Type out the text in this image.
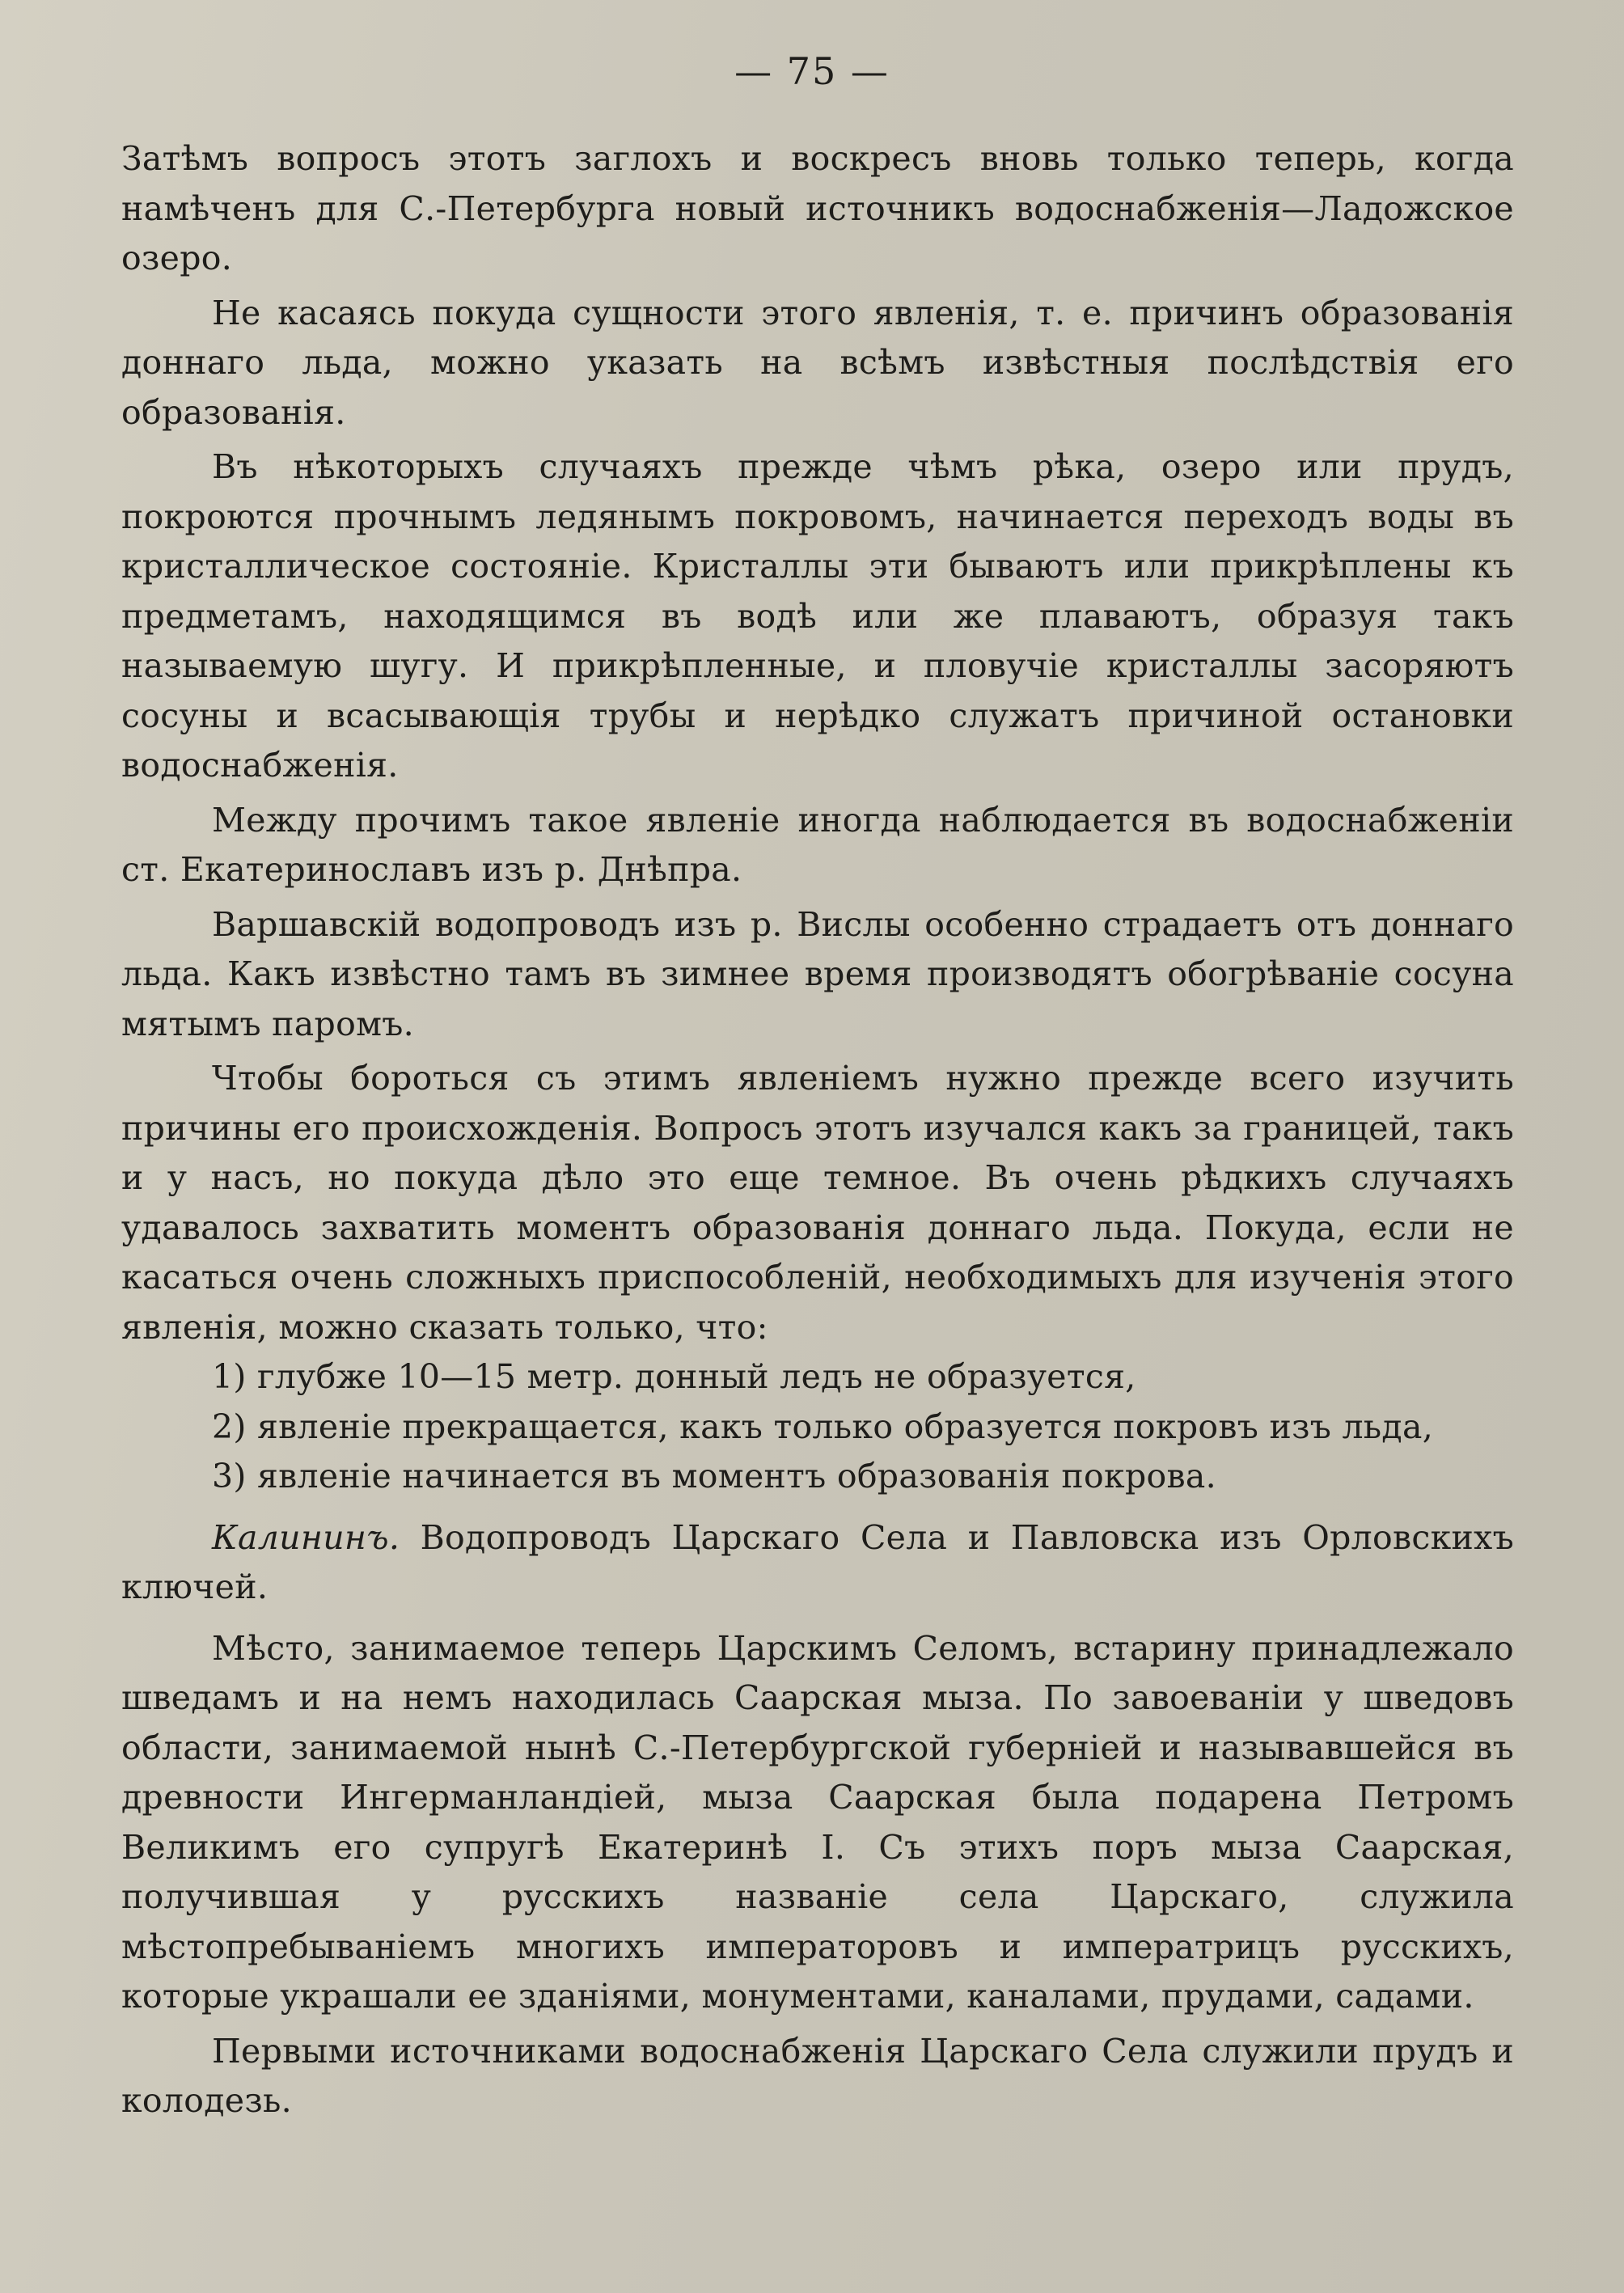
— 75 —

Затѣмъ вопросъ этотъ заглохъ и воскресъ вновь только теперь, когда намѣченъ для С.-Петербурга новый источникъ водоснабженія—Ладожское озеро.

Не касаясь покуда сущности этого явленія, т. е. причинъ образованія доннаго льда, можно указать на всѣмъ извѣстныя послѣдствія его образованія.

Въ нѣкоторыхъ случаяхъ прежде чѣмъ рѣка, озеро или прудъ, покроются прочнымъ ледянымъ покровомъ, начинается переходъ воды въ кристаллическое состояніе. Кристаллы эти бываютъ или прикрѣплены къ предметамъ, находящимся въ водѣ или же плаваютъ, образуя такъ называемую шугу. И прикрѣпленные, и пловучіе кристаллы засоряютъ сосуны и всасывающія трубы и нерѣдко служатъ причиной остановки водоснабженія.

Между прочимъ такое явленіе иногда наблюдается въ водоснабженіи ст. Екатеринославъ изъ р. Днѣпра.

Варшавскій водопроводъ изъ р. Вислы особенно страдаетъ отъ доннаго льда. Какъ извѣстно тамъ въ зимнее время производятъ обогрѣваніе сосуна мятымъ паромъ.

Чтобы бороться съ этимъ явленіемъ нужно прежде всего изучить причины его происхожденія. Вопросъ этотъ изучался какъ за границей, такъ и у насъ, но покуда дѣло это еще темное. Въ очень рѣдкихъ случаяхъ удавалось захватить моментъ образованія доннаго льда. Покуда, если не касаться очень сложныхъ приспособленій, необходимыхъ для изученія этого явленія, можно сказать только, что:

1) глубже 10—15 метр. донный ледъ не образуется,

2) явленіе прекращается, какъ только образуется покровъ изъ льда,

3) явленіе начинается въ моментъ образованія покрова.

Калининъ. Водопроводъ Царскаго Села и Павловска изъ Орловскихъ ключей.

Мѣсто, занимаемое теперь Царскимъ Селомъ, встарину принадлежало шведамъ и на немъ находилась Саарская мыза. По завоеваніи у шведовъ области, занимаемой нынѣ С.-Петербургской губерніей и называвшейся въ древности Ингерманландіей, мыза Саарская была подарена Петромъ Великимъ его супругѣ Екатеринѣ I. Съ этихъ поръ мыза Саарская, получившая у русскихъ названіе села Царскаго, служила мѣстопребываніемъ многихъ императоровъ и императрицъ русскихъ, которые украшали ее зданіями, монументами, каналами, прудами, садами.

Первыми источниками водоснабженія Царскаго Села служили прудъ и колодезь.
